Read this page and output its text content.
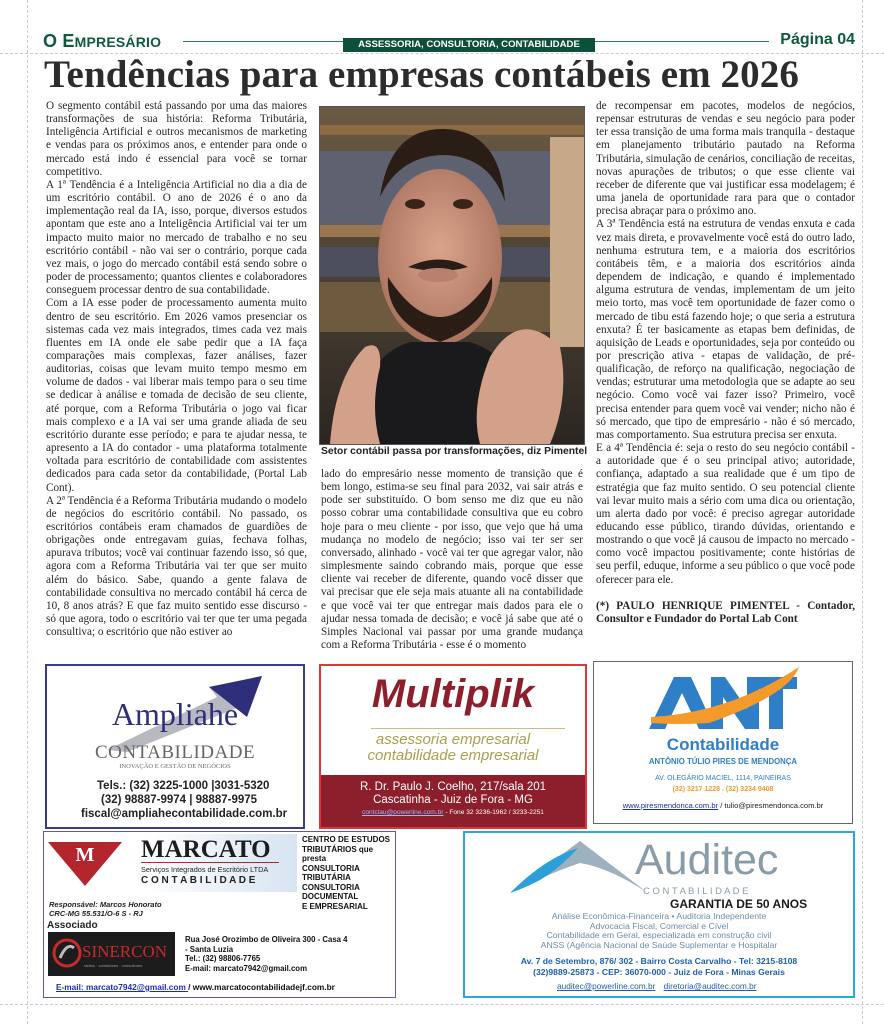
O EMPRESÁRIO	ASSESSORIA, CONSULTORIA, CONTABILIDADE	Página 04
Tendências para empresas contábeis em 2026

O segmento contábil está passando por uma das maiores transformações de sua história: Reforma Tributária, Inteligência Artificial e outros mecanismos de marketing e vendas para os próximos anos, e entender para onde o mercado está indo é essencial para você se tornar competitivo.

A 1ª Tendência é a Inteligência Artificial no dia a dia de um escritório contábil. O ano de 2026 é o ano da implementação real da IA, isso, porque, diversos estudos apontam que este ano a Inteligência Artificial vai ter um impacto muito maior no mercado de trabalho e no seu escritório contábil - não vai ser o contrário, porque cada vez mais, o jogo do mercado contábil está sendo sobre o poder de processamento; quantos clientes e colaboradores conseguem processar dentro de sua contabilidade.

Com a IA esse poder de processamento aumenta muito dentro de seu escritório. Em 2026 vamos presenciar os sistemas cada vez mais integrados, times cada vez mais fluentes em IA onde ele sabe pedir que a IA faça comparações mais complexas, fazer análises, fazer auditorias, coisas que levam muito tempo mesmo em volume de dados - vai liberar mais tempo para o seu time se dedicar à análise e tomada de decisão de seu cliente, até porque, com a Reforma Tributária o jogo vai ficar mais complexo e a IA vai ser uma grande aliada de seu escritório durante esse período; e para te ajudar nessa, te apresento a IA do contador - uma plataforma totalmente voltada para escritório de contabilidade com assistentes dedicados para cada setor da contabilidade, (Portal Lab Cont).

A 2ª Tendência é a Reforma Tributária mudando o modelo de negócios do escritório contábil. No passado, os escritórios contábeis eram chamados de guardiões de obrigações onde entregavam guias, fechava folhas, apurava tributos; você vai continuar fazendo isso, só que, agora com a Reforma Tributária vai ter que ser muito além do básico. Sabe, quando a gente falava de contabilidade consultiva no mercado contábil há cerca de 10, 8 anos atrás? E que faz muito sentido esse discurso - só que agora, todo o escritório vai ter que ter uma pegada consultiva; o escritório que não estiver ao

Setor contábil passa por transformações, diz Pimentel

lado do empresário nesse momento de transição que é bem longo, estima-se seu final para 2032, vai sair atrás e pode ser substituído. O bom senso me diz que eu não posso cobrar uma contabilidade consultiva que eu cobro hoje para o meu cliente - por isso, que vejo que há uma mudança no modelo de negócio; isso vai ter ser ser conversado, alinhado - você vai ter que agregar valor, não simplesmente saindo cobrando mais, porque que esse cliente vai receber de diferente, quando você disser que vai precisar que ele seja mais atuante ali na contabilidade e que você vai ter que entregar mais dados para ele o ajudar nessa tomada de decisão; e você já sabe que até o Simples Nacional vai passar por uma grande mudança com a Reforma Tributária - esse é o momento

de recompensar em pacotes, modelos de negócios, repensar estruturas de vendas e seu negócio para poder ter essa transição de uma forma mais tranquila - destaque em planejamento tributário pautado na Reforma Tributária, simulação de cenários, conciliação de receitas, novas apurações de tributos; o que esse cliente vai receber de diferente que vai justificar essa modelagem; é uma janela de oportunidade rara para que o contador precisa abraçar para o próximo ano.

A 3ª Tendência está na estrutura de vendas enxuta e cada vez mais direta, e provavelmente você está do outro lado, nenhuma estrutura tem, e a maioria dos escritórios contábeis têm, e a maioria dos escritórios ainda dependem de indicação, e quando é implementado alguma estrutura de vendas, implementam de um jeito meio torto, mas você tem oportunidade de fazer como o mercado de tibu está fazendo hoje; o que seria a estrutura enxuta? É ter basicamente as etapas bem definidas, de aquisição de Leads e oportunidades, seja por conteúdo ou por prescrição ativa - etapas de validação, de pré-qualificação, de reforço na qualificação, negociação de vendas; estruturar uma metodologia que se adapte ao seu negócio. Como você vai fazer isso? Primeiro, você precisa entender para quem você vai vender; nicho não é só mercado, que tipo de empresário - não é só mercado, mas comportamento. Sua estrutura precisa ser enxuta.

E a 4ª Tendência é: seja o resto do seu negócio contábil - a autoridade que é o seu principal ativo; autoridade, confiança, adaptado a sua realidade que é um tipo de estratégia que faz muito sentido. O seu potencial cliente vai levar muito mais a sério com uma dica ou orientação, um alerta dado por você: é preciso agregar autoridade educando esse público, tirando dúvidas, orientando e mostrando o que você já causou de impacto no mercado - como você impactou positivamente; conte histórias de seu perfil, eduque, informe a seu público o que você pode oferecer para ele.

(*) PAULO HENRIQUE PIMENTEL - Contador, Consultor e Fundador do Portal Lab Cont

Ampliahe
CONTABILIDADE
INOVAÇÃO E GESTÃO DE NEGÓCIOS
Tels.: (32) 3225-1000 |3031-5320
(32) 98887-9974 | 98887-9975
fiscal@ampliahecontabilidade.com.br
Multiplik
assessoria empresarial
contabilidade empresarial
R. Dr. Paulo J. Coelho, 217/sala 201
Cascatinha - Juiz de Fora - MG
contclau@powerline.com.br - Fone 32 3236-1962 / 3233-2251
Contabilidade
ANTÔNIO TÚLIO PIRES DE MENDONÇA
AV. OLEGÁRIO MACIEL, 1114, PAINEIRAS
(32) 3217 1228 . (32) 3234 9408
www.piresmendonca.com.br / tulio@piresmendonca.com.br
M	MARCATO
Serviços Integrados de Escritório LTDA
C O N T A B I L I D A D E
CENTRO DE ESTUDOS
TRIBUTÁRIOS que presta
CONSULTORIA TRIBUTÁRIA
CONSULTORIA DOCUMENTAL
E EMPRESARIAL
Responsável: Marcos Honorato
CRC-MG 55.531/O-6 S - RJ
Associado
SINERCON
rádios · contadores · consultores
Rua José Orozimbo de Oliveira 300 - Casa 4
- Santa Luzia
Tel.: (32) 98806-7765
E-mail: marcato7942@gmail.com
E-mail: marcato7942@gmail.com / www.marcatocontabilidadejf.com.br
Auditec
C O N T A B I L I D A D E
GARANTIA DE 50 ANOS
Análise Econômica-Financeira • Auditoria Independente
Advocacia Fiscal, Comercial e Cível
Contabilidade em Geral, especializada em construção civil
ANSS (Agência Nacional de Saúde Suplementar e Hospitalar
Av. 7 de Setembro, 876/ 302 - Bairro Costa Carvalho - Tel: 3215-8108
(32)9889-25873 - CEP: 36070-000 - Juiz de Fora - Minas Gerais
auditec@powerline.com.br diretoria@auditec.com.br
